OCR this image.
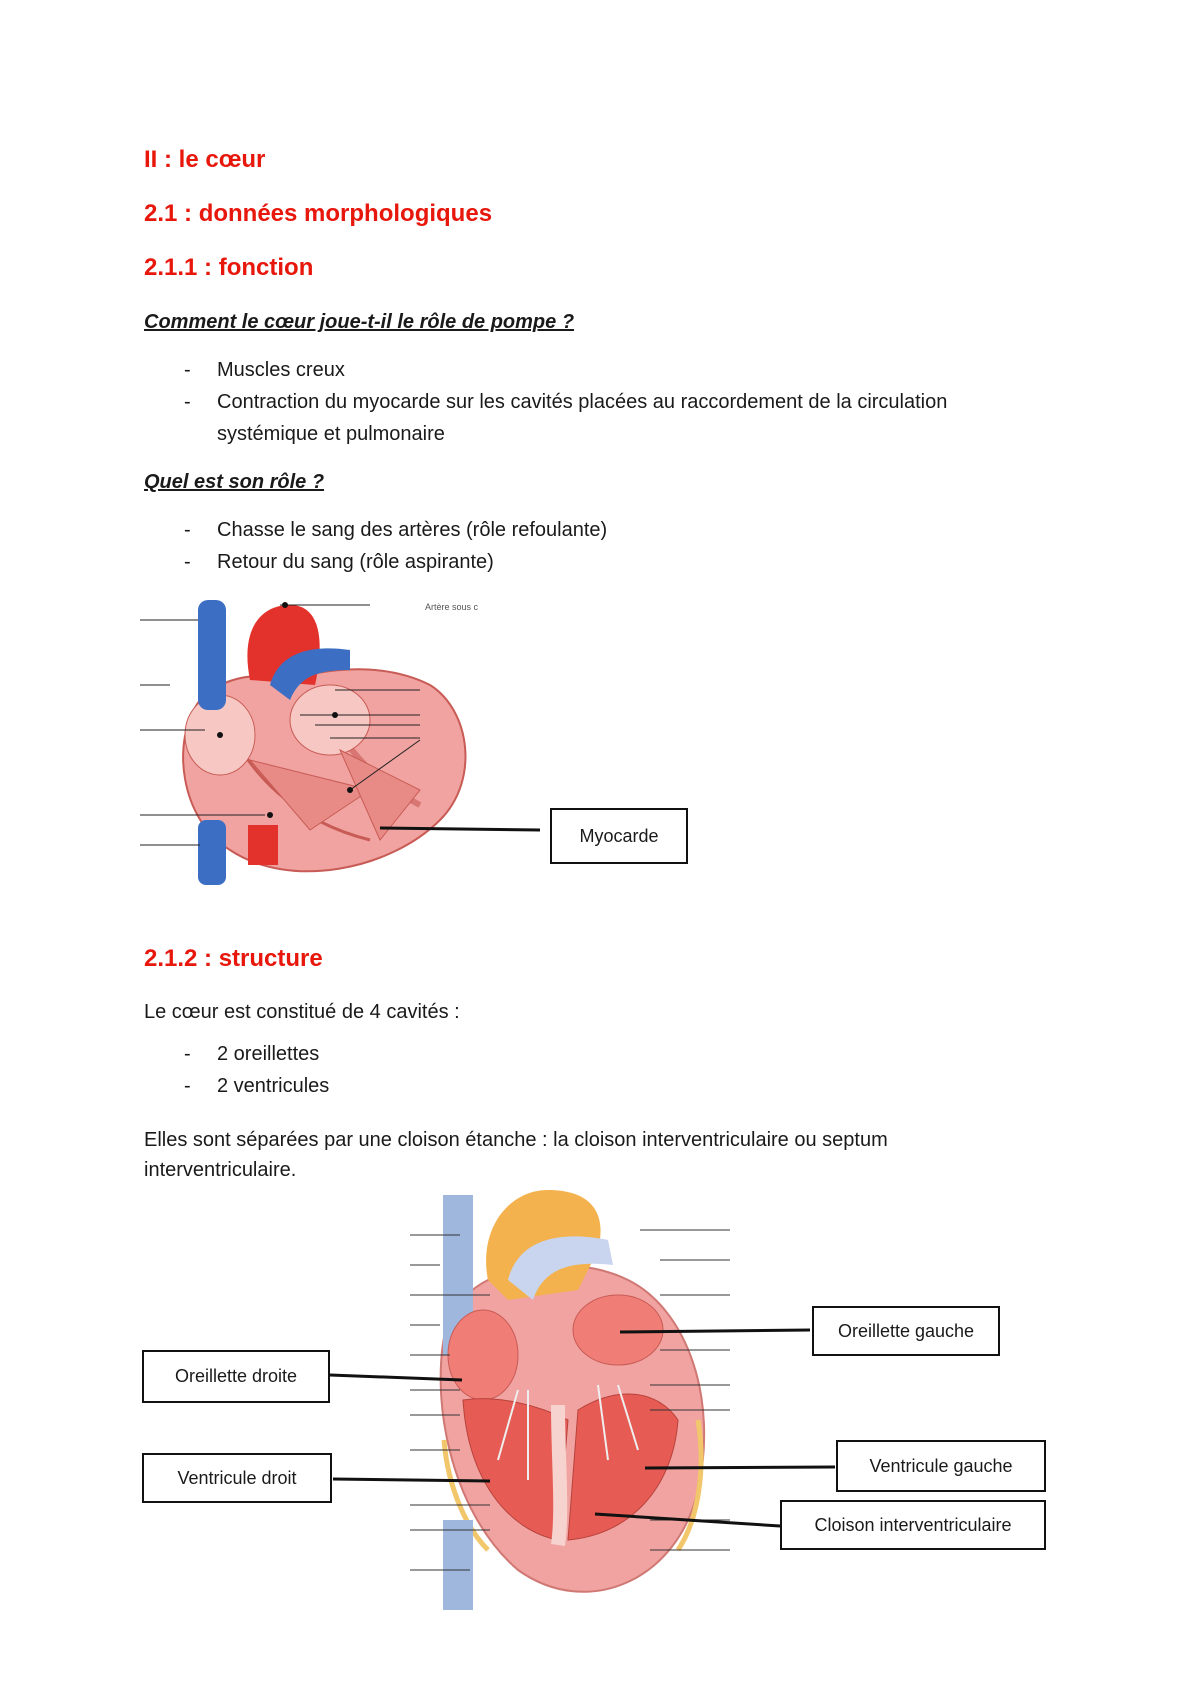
II : le cœur
2.1 : données morphologiques
2.1.1 : fonction

Comment le cœur joue-t-il le rôle de pompe ?

- Muscles creux
- Contraction du myocarde sur les cavités placées au raccordement de la circulation systémique et pulmonaire

Quel est son rôle ?

- Chasse le sang des artères (rôle refoulante)
- Retour du sang (rôle aspirante)
Artère sous c
Myocarde
2.1.2 : structure

Le cœur est constitué de 4 cavités :

- 2 oreillettes
- 2 ventricules

Elles sont séparées par une cloison étanche : la cloison interventriculaire ou septum interventriculaire.

Oreillette gauche
Oreillette droite
Ventricule droit
Ventricule gauche
Cloison interventriculaire
